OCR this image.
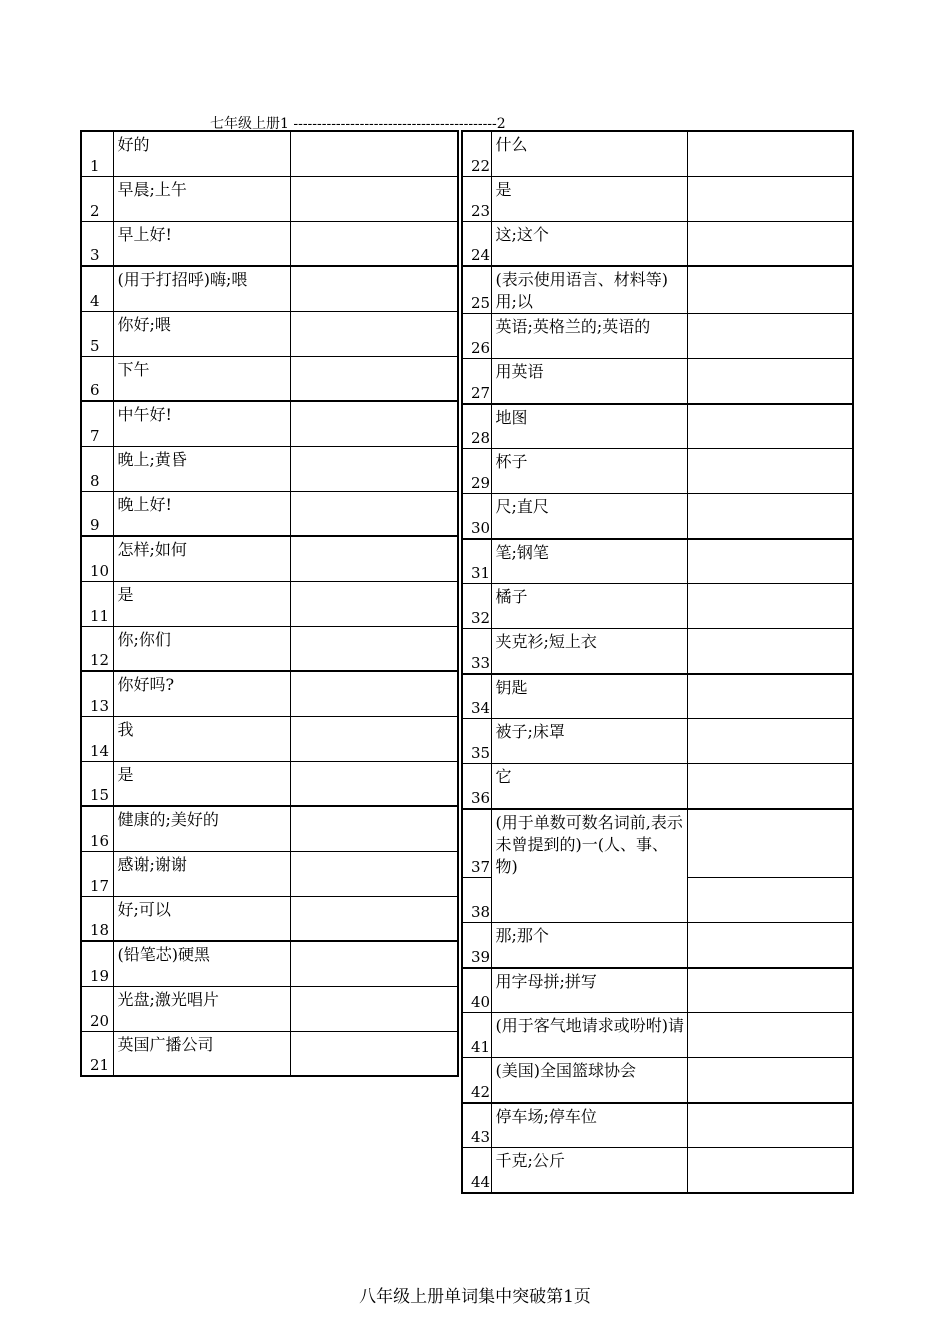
七年级上册1 -------------------------------------------2
1	好的	
2	早晨;上午	
3	早上好!	
4	(用于打招呼)嗨;喂	
5	你好;喂	
6	下午	
7	中午好!	
8	晚上;黄昏	
9	晚上好!	
10	怎样;如何	
11	是	
12	你;你们	
13	你好吗?	
14	我	
15	是	
16	健康的;美好的	
17	感谢;谢谢	
18	好;可以	
19	(铅笔芯)硬黑	
20	光盘;激光唱片	
21	英国广播公司	
22	什么	
23	是	
24	这;这个	
25	(表示使用语言、材料等)用;以	
26	英语;英格兰的;英语的	
27	用英语	
28	地图	
29	杯子	
30	尺;直尺	
31	笔;钢笔	
32	橘子	
33	夹克衫;短上衣	
34	钥匙	
35	被子;床罩	
36	它	
37	(用于单数可数名词前,表示未曾提到的)一(人、事、物)	
38		
39	那;那个	
40	用字母拼;拼写	
41	(用于客气地请求或吩咐)请	
42	(美国)全国篮球协会	
43	停车场;停车位	
44	千克;公斤	
八年级上册单词集中突破第1页
